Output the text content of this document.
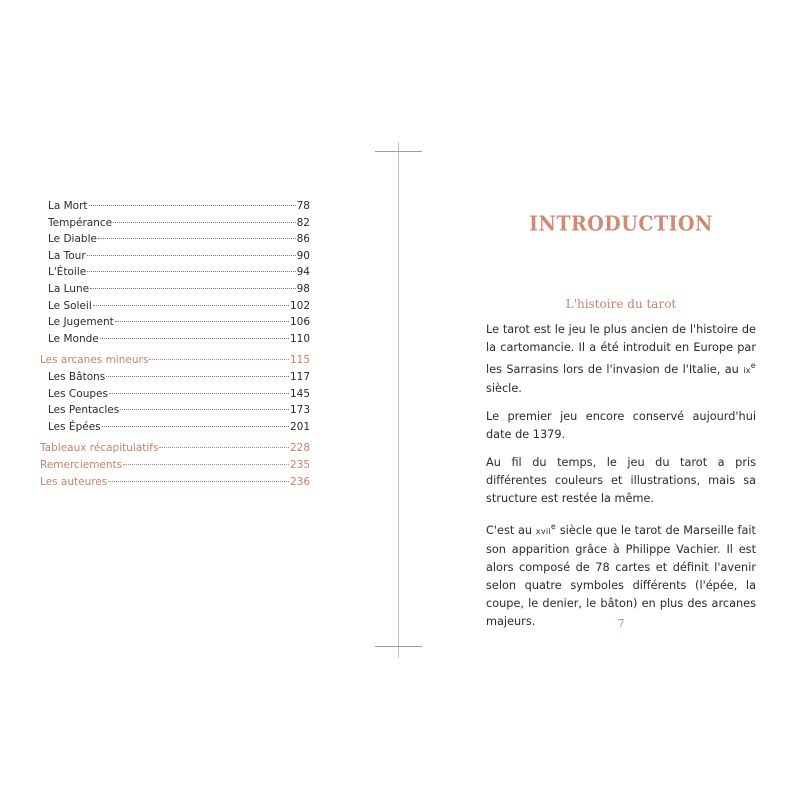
La Mort	78
Tempérance	82
Le Diable	86
La Tour	90
L'Étoile	94
La Lune	98
Le Soleil	102
Le Jugement	106
Le Monde	110
Les arcanes mineurs	115
Les Bâtons	117
Les Coupes	145
Les Pentacles	173
Les Épées	201
Tableaux récapitulatifs	228
Remerciements	235
Les auteures	236
INTRODUCTION
L'histoire du tarot

Le tarot est le jeu le plus ancien de l'histoire de la cartomancie. Il a été introduit en Europe par les Sarrasins lors de l'invasion de l'Italie, au $ix^e$ siècle.

Le premier jeu encore conservé aujourd'hui date de 1379.

Au fil du temps, le jeu du tarot a pris différentes couleurs et illustrations, mais sa structure est restée la même.

C'est au xvii$^e$ siècle que le tarot de Marseille fait son apparition grâce à Philippe Vachier. Il est alors composé de 78 cartes et définit l'avenir selon quatre symboles différents (l'épée, la coupe, le denier, le bâton) en plus des arcanes majeurs.	7
